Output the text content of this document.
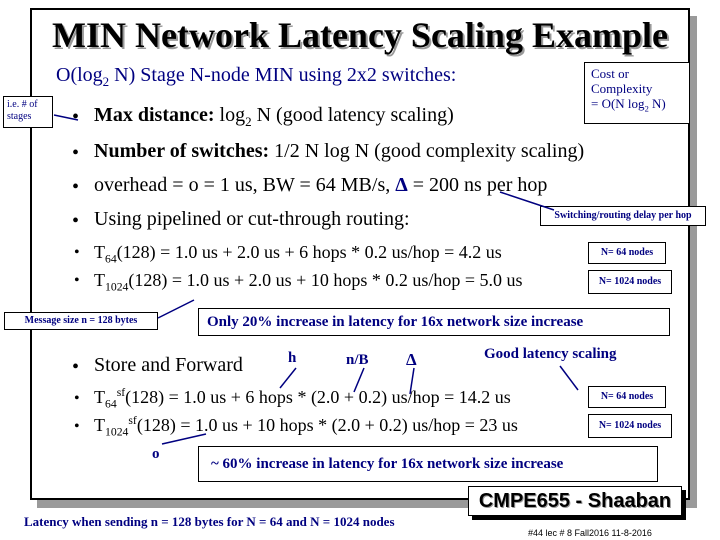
MIN Network Latency Scaling Example
$O(\log_2$ N) Stage N-node MIN using 2x2 switches:
i.e. # of stages
Cost or
Complexity
= O(N $\log_2 N$)
• Max distance: $\log_2 N$ (good latency scaling)
• Number of switches: 1/2 N log N (good complexity scaling)
• overhead = o = 1 us, BW = 64 MB/s, Δ = 200 ns per hop
• Using pipelined or cut-through routing:	Switching/routing delay per hop
• $T_{64}(128) = 1.0$ us + 2.0 us + 6 hops * 0.2 us/hop = 4.2 us
• $T_{1024}(128) = 1.0$ us + 2.0 us + 10 hops * 0.2 us/hop = 5.0 us
N= 64 nodes
N= 1024 nodes
Message size n = 128 bytes	Only 20% increase in latency for 16x network size increase
• Store and Forward	h	n/B Δ	Good latency scaling
• $T_{64}^{sf}(128) = 1.0$ us + 6 hops * (2.0 + 0.2) us/hop = 14.2 us
• $T_{1024}^{sf}(128) = 1.0$ us + 10 hops * (2.0 + 0.2) us/hop = 23 us
N= 64 nodes
N= 1024 nodes
o
~ 60% increase in latency for 16x network size increase
Latency when sending n = 128 bytes for N = 64 and N = 1024 nodes
CMPE655 - Shaaban
#44 lec # 8 Fall2016 11-8-2016
